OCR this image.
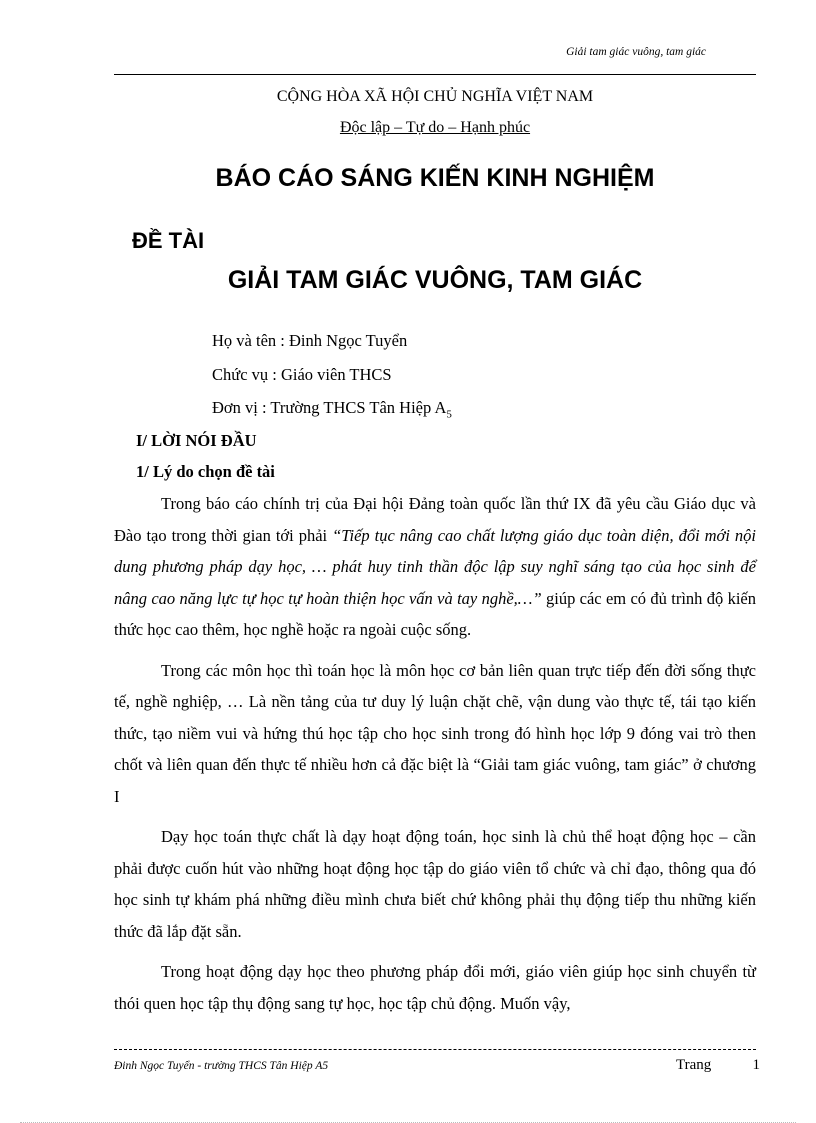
Giải tam giác vuông, tam giác
CỘNG HÒA XÃ HỘI CHỦ NGHĨA VIỆT NAM
Độc lập – Tự do – Hạnh phúc
BÁO CÁO SÁNG KIẾN KINH NGHIỆM
ĐỀ TÀI
GIẢI TAM GIÁC VUÔNG, TAM GIÁC
Họ và tên : Đinh Ngọc Tuyển
Chức vụ : Giáo viên THCS
Đơn vị : Trường THCS Tân Hiệp $A_5$
I/ LỜI NÓI ĐẦU
1/ Lý do chọn đề tài

Trong báo cáo chính trị của Đại hội Đảng toàn quốc lần thứ IX đã yêu cầu Giáo dục và Đào tạo trong thời gian tới phải “Tiếp tục nâng cao chất lượng giáo dục toàn diện, đổi mới nội dung phương pháp dạy học, … phát huy tinh thần độc lập suy nghĩ sáng tạo của học sinh để nâng cao năng lực tự học tự hoàn thiện học vấn và tay nghề,…” giúp các em có đủ trình độ kiến thức học cao thêm, học nghề hoặc ra ngoài cuộc sống.

Trong các môn học thì toán học là môn học cơ bản liên quan trực tiếp đến đời sống thực tế, nghề nghiệp, … Là nền tảng của tư duy lý luận chặt chẽ, vận dung vào thực tế, tái tạo kiến thức, tạo niềm vui và hứng thú học tập cho học sinh trong đó hình học lớp 9 đóng vai trò then chốt và liên quan đến thực tế nhiều hơn cả đặc biệt là “Giải tam giác vuông, tam giác” ở chương I

Dạy học toán thực chất là dạy hoạt động toán, học sinh là chủ thể hoạt động học – cần phải được cuốn hút vào những hoạt động học tập do giáo viên tổ chức và chỉ đạo, thông qua đó học sinh tự khám phá những điều mình chưa biết chứ không phải thụ động tiếp thu những kiến thức đã lắp đặt sẵn.

Trong hoạt động dạy học theo phương pháp đổi mới, giáo viên giúp học sinh chuyển từ thói quen học tập thụ động sang tự học, học tập chủ động. Muốn vậy,

Đinh Ngọc Tuyển - trường THCS Tân Hiệp A5	Trang	1
